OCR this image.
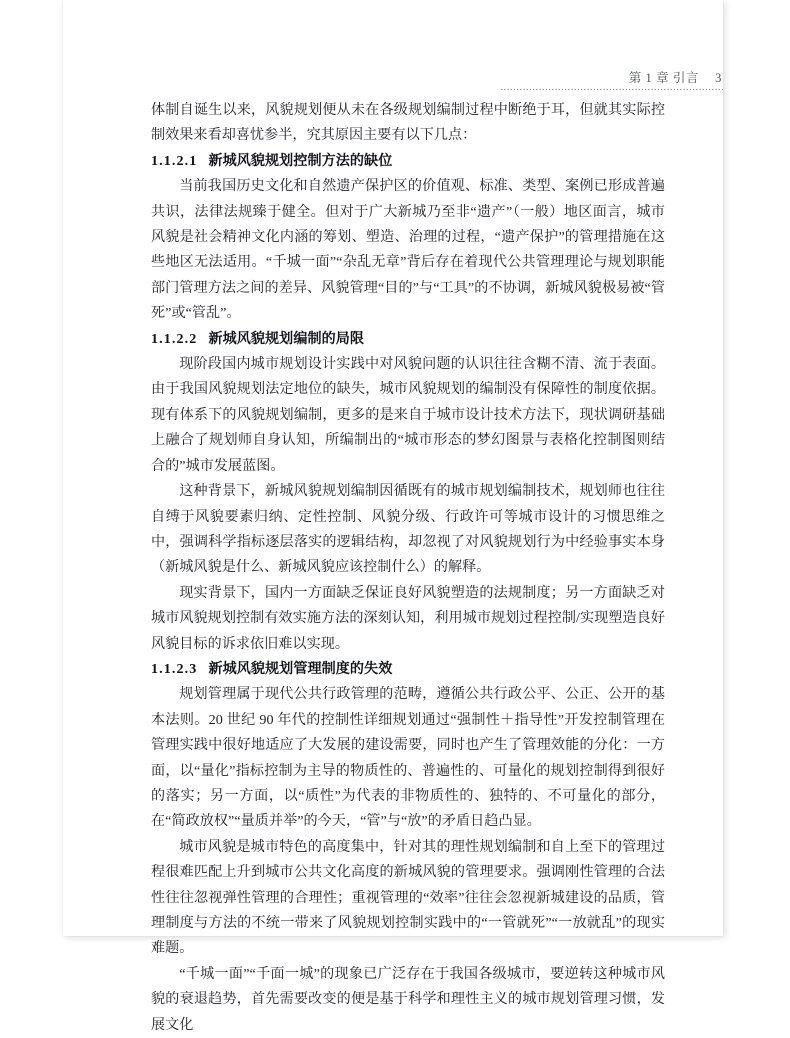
第 1 章 引言 3

体制自诞生以来，风貌规划便从未在各级规划编制过程中断绝于耳，但就其实际控制效果来看却喜忧参半，究其原因主要有以下几点：

1.1.2.1 新城风貌规划控制方法的缺位

当前我国历史文化和自然遗产保护区的价值观、标准、类型、案例已形成普遍共识，法律法规臻于健全。但对于广大新城乃至非“遗产”（一般）地区面言，城市风貌是社会精神文化内涵的筹划、塑造、治理的过程，“遗产保护”的管理措施在这些地区无法适用。“千城一面”“杂乱无章”背后存在着现代公共管理理论与规划职能部门管理方法之间的差异、风貌管理“目的”与“工具”的不协调，新城风貌极易被“管死”或“管乱”。

1.1.2.2 新城风貌规划编制的局限

现阶段国内城市规划设计实践中对风貌问题的认识往往含糊不清、流于表面。由于我国风貌规划法定地位的缺失，城市风貌规划的编制没有保障性的制度依据。现有体系下的风貌规划编制，更多的是来自于城市设计技术方法下，现状调研基础上融合了规划师自身认知，所编制出的“城市形态的梦幻图景与表格化控制图则结合的”城市发展蓝图。

这种背景下，新城风貌规划编制因循既有的城市规划编制技术，规划师也往往自缚于风貌要素归纳、定性控制、风貌分级、行政许可等城市设计的习惯思维之中，强调科学指标逐层落实的逻辑结构，却忽视了对风貌规划行为中经验事实本身（新城风貌是什么、新城风貌应该控制什么）的解释。

现实背景下，国内一方面缺乏保证良好风貌塑造的法规制度；另一方面缺乏对城市风貌规划控制有效实施方法的深刻认知，利用城市规划过程控制/实现塑造良好风貌目标的诉求依旧难以实现。

1.1.2.3 新城风貌规划管理制度的失效

规划管理属于现代公共行政管理的范畴，遵循公共行政公平、公正、公开的基本法则。20 世纪 90 年代的控制性详细规划通过“强制性＋指导性”开发控制管理在管理实践中很好地适应了大发展的建设需要，同时也产生了管理效能的分化：一方面，以“量化”指标控制为主导的物质性的、普遍性的、可量化的规划控制得到很好的落实；另一方面，以“质性”为代表的非物质性的、独特的、不可量化的部分，在“简政放权”“量质并举”的今天，“管”与“放”的矛盾日趋凸显。

城市风貌是城市特色的高度集中，针对其的理性规划编制和自上至下的管理过程很难匹配上升到城市公共文化高度的新城风貌的管理要求。强调刚性管理的合法性往往忽视弹性管理的合理性；重视管理的“效率”往往会忽视新城建设的品质，管理制度与方法的不统一带来了风貌规划控制实践中的“一管就死”“一放就乱”的现实难题。

“千城一面”“千面一城”的现象已广泛存在于我国各级城市，要逆转这种城市风貌的衰退趋势，首先需要改变的便是基于科学和理性主义的城市规划管理习惯，发展文化
